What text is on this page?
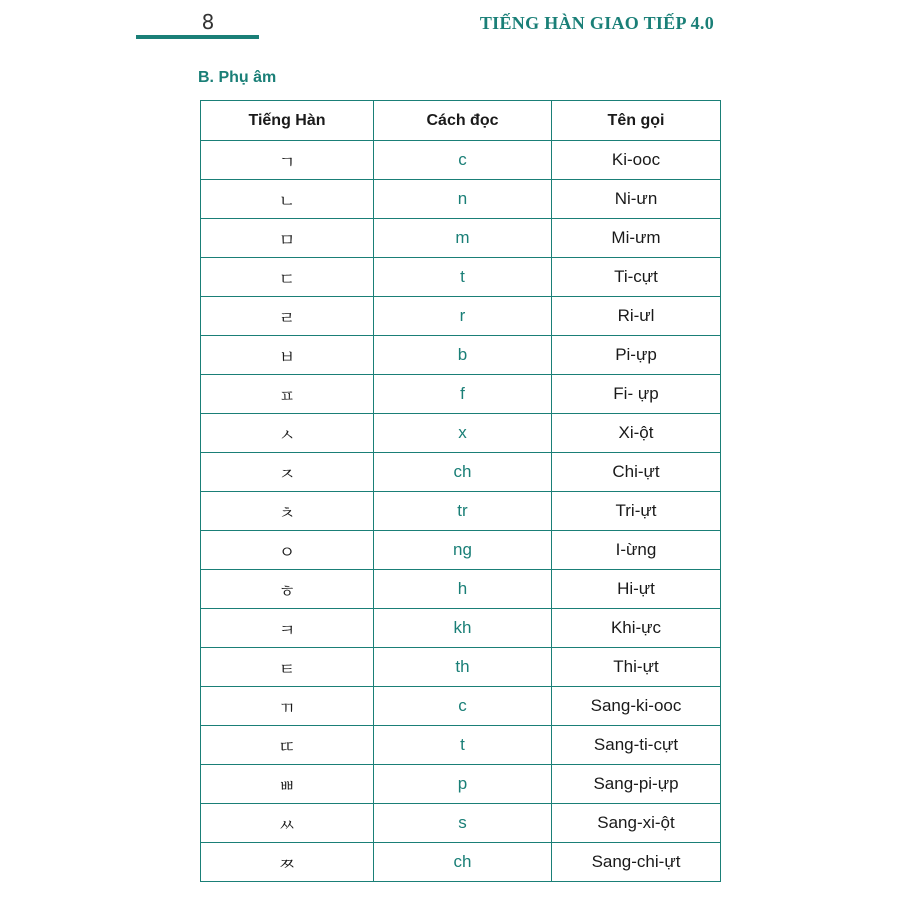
8	TIẾNG HÀN GIAO TIẾP 4.0
B. Phụ âm
Tiếng Hàn	Cách đọc	Tên gọi
ㄱ	c	Ki-ooc
ㄴ	n	Ni-ưn
ㅁ	m	Mi-ưm
ㄷ	t	Ti-cựt
ㄹ	r	Ri-ưl
ㅂ	b	Pi-ựp
ㅍ	f	Fi- ựp
ㅅ	x	Xi-ột
ㅈ	ch	Chi-ựt
ㅊ	tr	Tri-ựt
ㅇ	ng	I-ừng
ㅎ	h	Hi-ựt
ㅋ	kh	Khi-ực
ㅌ	th	Thi-ựt
ㄲ	c	Sang-ki-ooc
ㄸ	t	Sang-ti-cựt
ㅃ	p	Sang-pi-ựp
ㅆ	s	Sang-xi-ột
ㅉ	ch	Sang-chi-ựt
